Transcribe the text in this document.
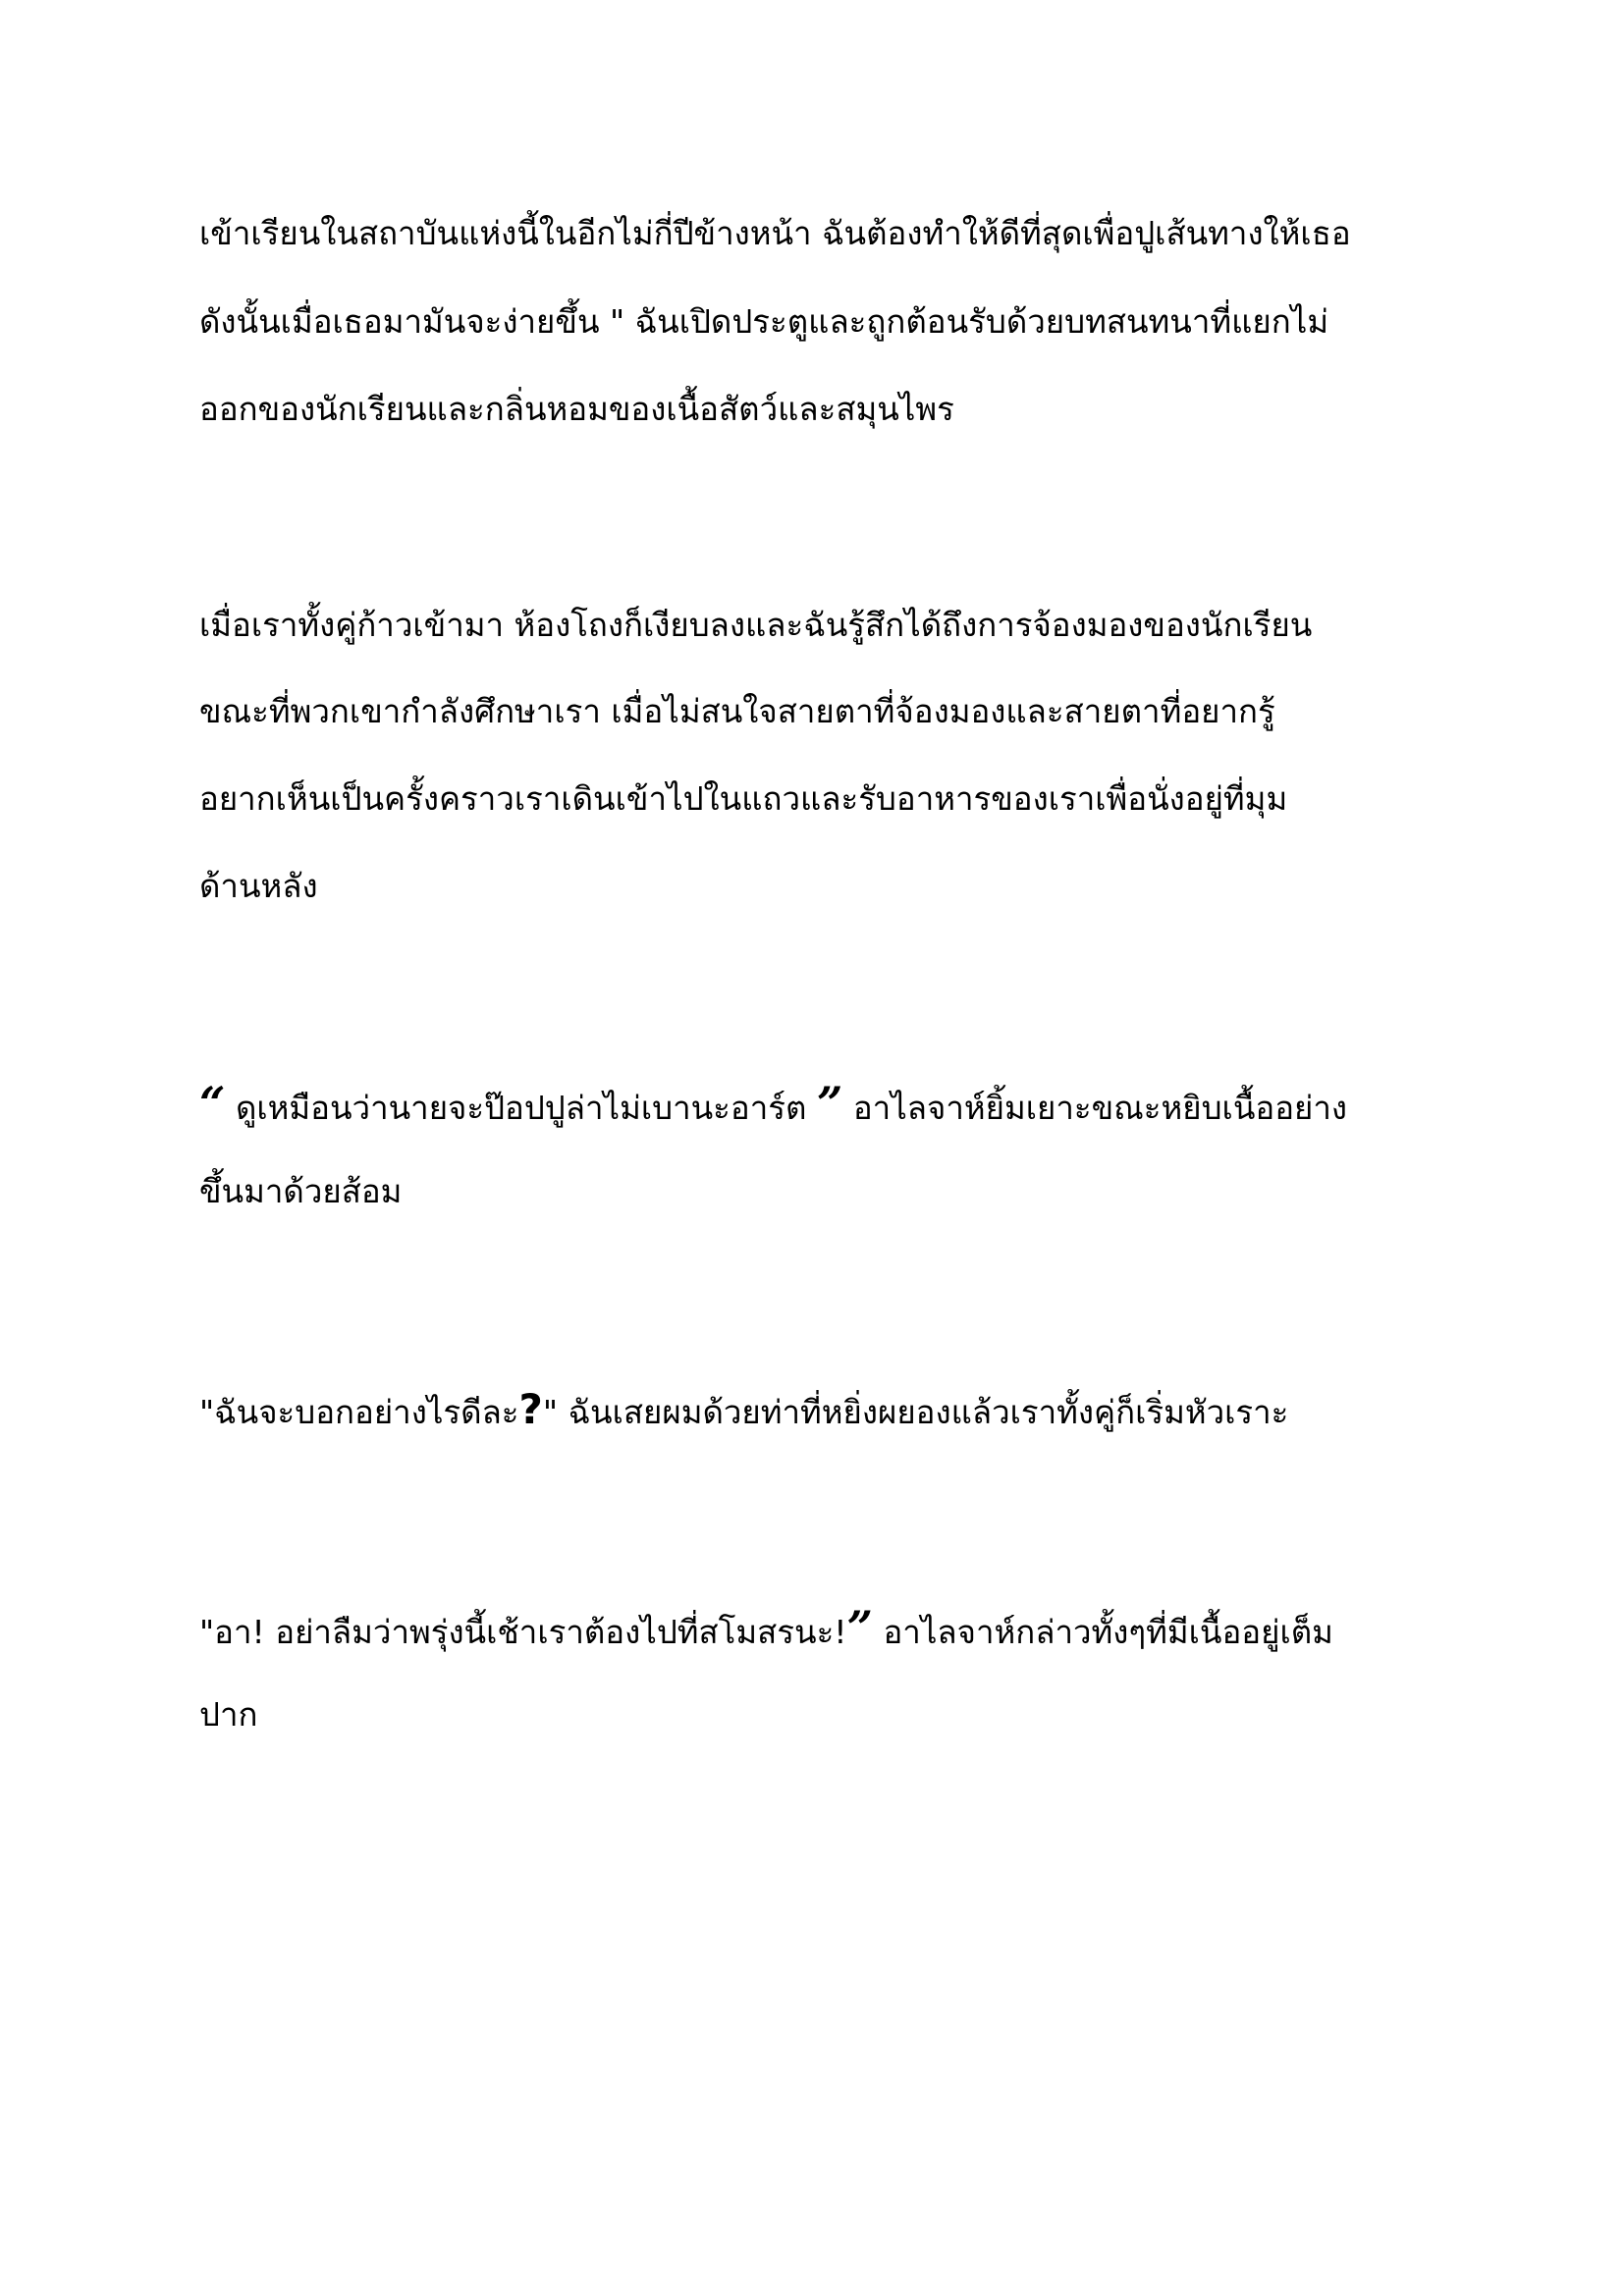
เข้าเรียนในสถาบันแห่งนี้ในอีกไม่กี่ปีข้างหน้า ฉันต้องทำให้ดีที่สุดเพื่อปูเส้นทางให้เธอ
ดังนั้นเมื่อเธอมามันจะง่ายขึ้น " ฉันเปิดประตูและถูกต้อนรับด้วยบทสนทนาที่แยกไม่
ออกของนักเรียนและกลิ่นหอมของเนื้อสัตว์และสมุนไพร
เมื่อเราทั้งคู่ก้าวเข้ามา ห้องโถงก็เงียบลงและฉันรู้สึกได้ถึงการจ้องมองของนักเรียน
ขณะที่พวกเขากำลังศึกษาเรา เมื่อไม่สนใจสายตาที่จ้องมองและสายตาที่อยากรู้
อยากเห็นเป็นครั้งคราวเราเดินเข้าไปในแถวและรับอาหารของเราเพื่อนั่งอยู่ที่มุม
ด้านหลัง
“ ดูเหมือนว่านายจะป๊อปปูล่าไม่เบานะอาร์ต ” อาไลจาห์ยิ้มเยาะขณะหยิบเนื้ออย่าง
ขึ้นมาด้วยส้อม
"ฉันจะบอกอย่างไรดีละ?" ฉันเสยผมด้วยท่าที่หยิ่งผยองแล้วเราทั้งคู่ก็เริ่มหัวเราะ
"อา! อย่าลืมว่าพรุ่งนี้เช้าเราต้องไปที่สโมสรนะ!” อาไลจาห์กล่าวทั้งๆที่มีเนื้ออยู่เต็ม
ปาก
